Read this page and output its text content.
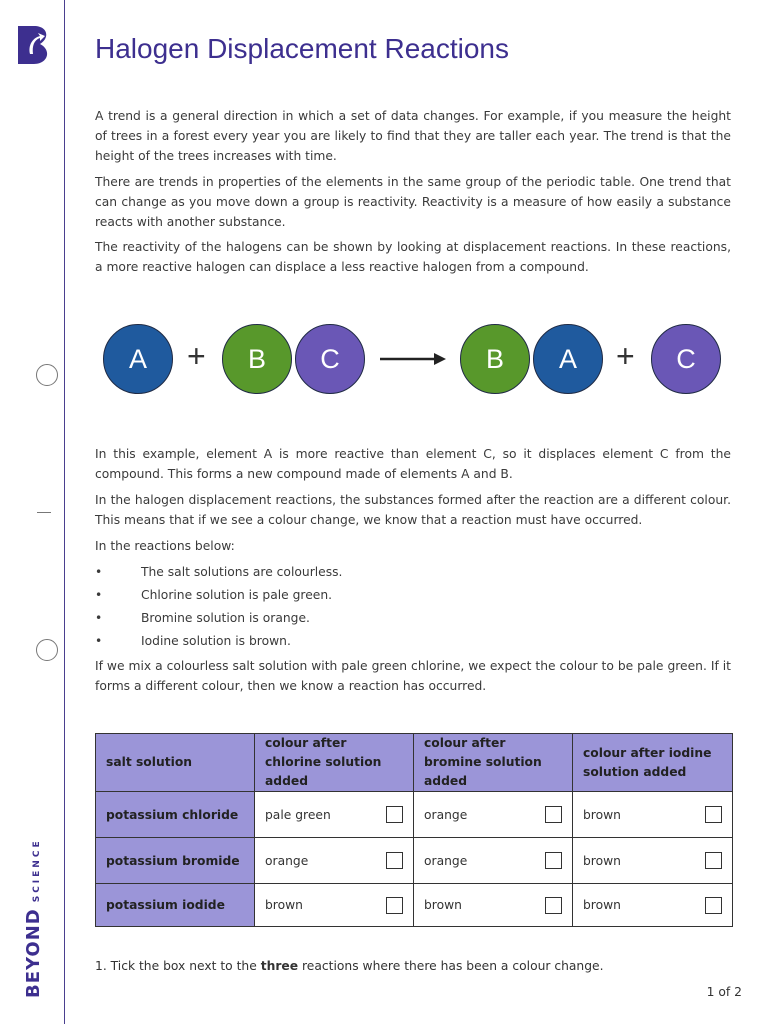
BEYONDSCIENCE
Halogen Displacement Reactions

A trend is a general direction in which a set of data changes. For example, if you measure the height of trees in a forest every year you are likely to find that they are taller each year. The trend is that the height of the trees increases with time.

There are trends in properties of the elements in the same group of the periodic table. One trend that can change as you move down a group is reactivity. Reactivity is a measure of how easily a substance reacts with another substance.

The reactivity of the halogens can be shown by looking at displacement reactions. In these reactions, a more reactive halogen can displace a less reactive halogen from a compound.

A	+	B	C	B	A	+	C

In this example, element A is more reactive than element C, so it displaces element C from the compound. This forms a new compound made of elements A and B.

In the halogen displacement reactions, the substances formed after the reaction are a different colour. This means that if we see a colour change, we know that a reaction must have occurred.

In the reactions below:

•	The salt solutions are colourless.
•	Chlorine solution is pale green.
•	Bromine solution is orange.
•	Iodine solution is brown.

If we mix a colourless salt solution with pale green chlorine, we expect the colour to be pale green. If it forms a different colour, then we know a reaction has occurred.

salt solution	colour after chlorine solution added	colour after bromine solution added	colour after iodine solution added
potassium chloride	pale green	orange	brown

potassium bromide	orange	orange	brown

potassium iodide	brown	brown	brown
1. Tick the box next to the three reactions where there has been a colour change.
1 of 2
